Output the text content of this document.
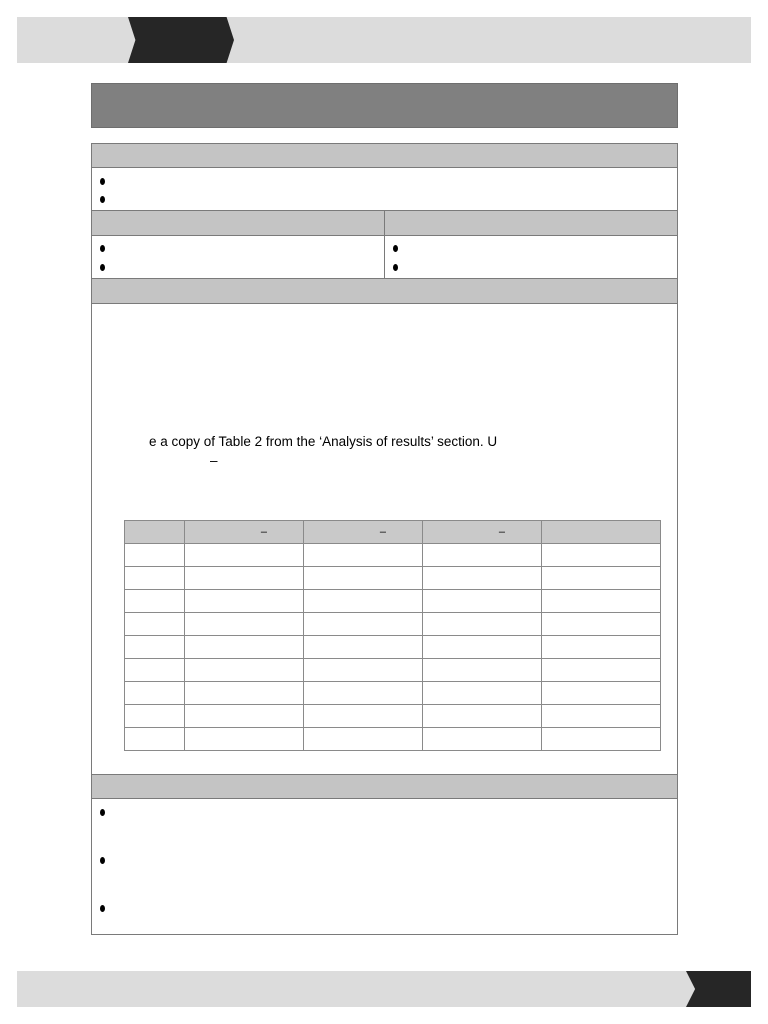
e a copy of Table 2 from the ‘Analysis of results’ section. U
–
	–	–	–	
